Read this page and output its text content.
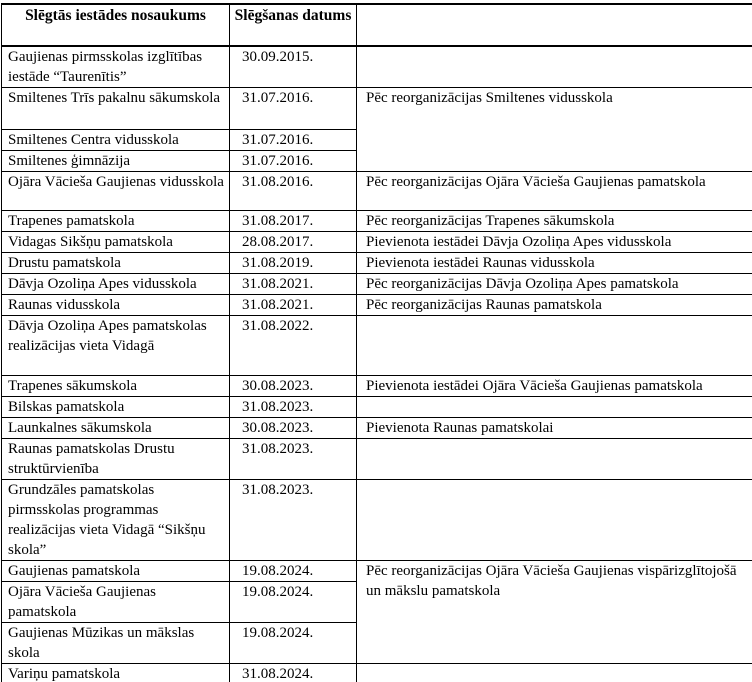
Slēgtās iestādes nosaukums	Slēgšanas datums	
Gaujienas pirmsskolas izglītības iestāde “Taurenītis”	30.09.2015.	
Smiltenes Trīs pakalnu sākumskola	31.07.2016.	Pēc reorganizācijas Smiltenes vidusskola
Smiltenes Centra vidusskola	31.07.2016.	
Smiltenes ģimnāzija	31.07.2016.	
Ojāra Vācieša Gaujienas vidusskola	31.08.2016.	Pēc reorganizācijas Ojāra Vācieša Gaujienas pamatskola
Trapenes pamatskola	31.08.2017.	Pēc reorganizācijas Trapenes sākumskola
Vidagas Sikšņu pamatskola	28.08.2017.	Pievienota iestādei Dāvja Ozoliņa Apes vidusskola
Drustu pamatskola	31.08.2019.	Pievienota iestādei Raunas vidusskola
Dāvja Ozoliņa Apes vidusskola	31.08.2021.	Pēc reorganizācijas Dāvja Ozoliņa Apes pamatskola
Raunas vidusskola	31.08.2021.	Pēc reorganizācijas Raunas pamatskola
Dāvja Ozoliņa Apes pamatskolas realizācijas vieta Vidagā	31.08.2022.	
Trapenes sākumskola	30.08.2023.	Pievienota iestādei Ojāra Vācieša Gaujienas pamatskola
Bilskas pamatskola	31.08.2023.	
Launkalnes sākumskola	30.08.2023.	Pievienota Raunas pamatskolai
Raunas pamatskolas Drustu struktūrvienība	31.08.2023.	
Grundzāles pamatskolas pirmsskolas programmas realizācijas vieta Vidagā “Sikšņu skola”	31.08.2023.	
Gaujienas pamatskola	19.08.2024.	Pēc reorganizācijas Ojāra Vācieša Gaujienas vispārizglītojošā un mākslu pamatskola
Ojāra Vācieša Gaujienas pamatskola	19.08.2024.	
Gaujienas Mūzikas un mākslas skola	19.08.2024.	
Variņu pamatskola	31.08.2024.	
